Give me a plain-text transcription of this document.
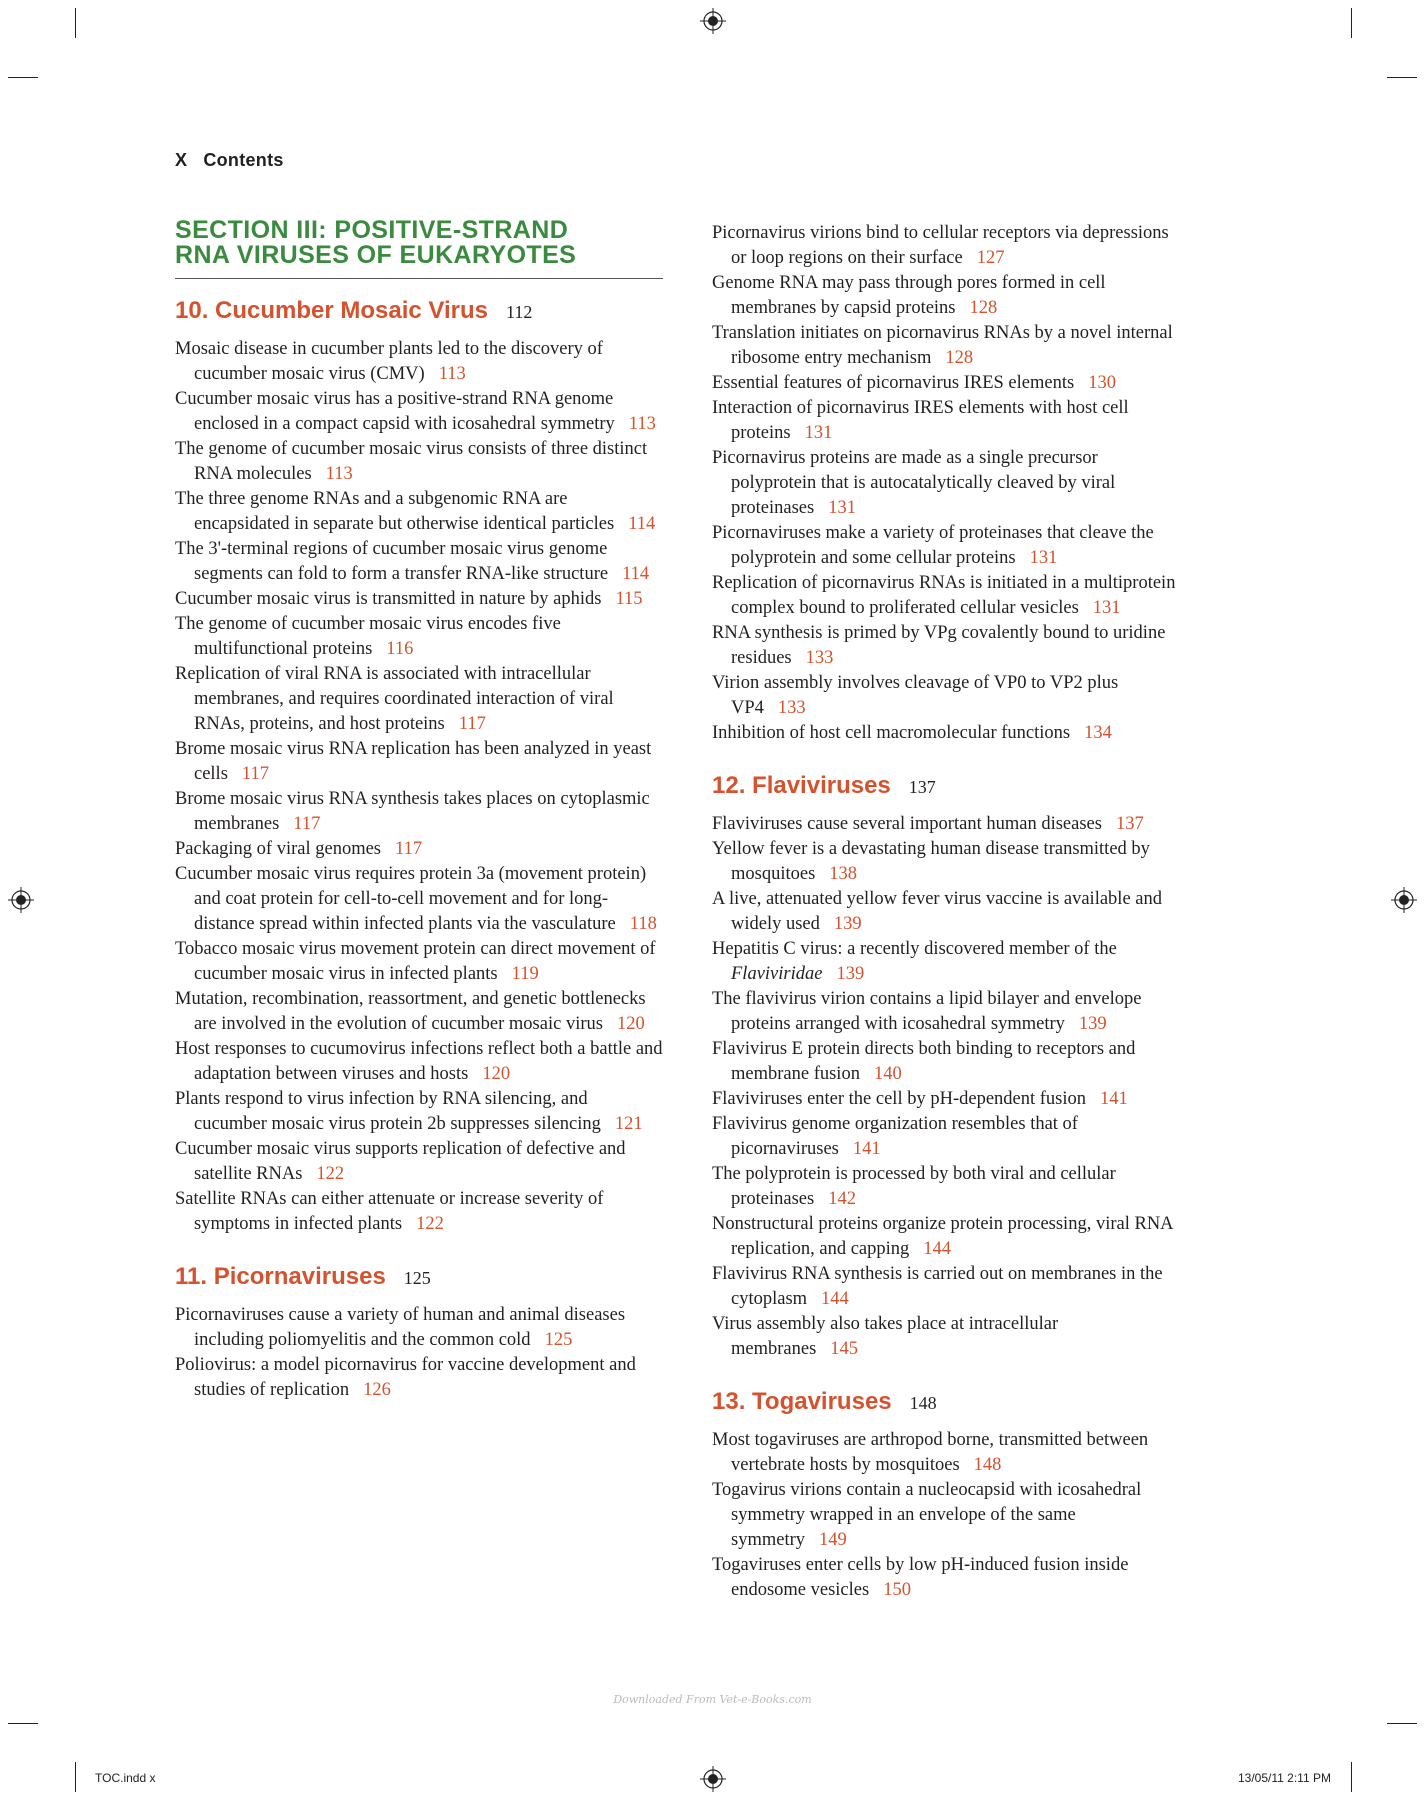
X Contents
SECTION III: POSITIVE-STRAND
RNA VIRUSES OF EUKARYOTES
10. Cucumber Mosaic Virus 112
Mosaic disease in cucumber plants led to the discovery of cucumber mosaic virus (CMV) 113
Cucumber mosaic virus has a positive-strand RNA genome enclosed in a compact capsid with icosahedral symmetry 113
The genome of cucumber mosaic virus consists of three distinct RNA molecules 113
The three genome RNAs and a subgenomic RNA are encapsidated in separate but otherwise identical particles 114
The 3'-terminal regions of cucumber mosaic virus genome segments can fold to form a transfer RNA-like structure 114
Cucumber mosaic virus is transmitted in nature by aphids 115
The genome of cucumber mosaic virus encodes five multifunctional proteins 116
Replication of viral RNA is associated with intracellular membranes, and requires coordinated interaction of viral RNAs, proteins, and host proteins 117
Brome mosaic virus RNA replication has been analyzed in yeast cells 117
Brome mosaic virus RNA synthesis takes places on cytoplasmic membranes 117
Packaging of viral genomes 117
Cucumber mosaic virus requires protein 3a (movement protein) and coat protein for cell-to-cell movement and for long-distance spread within infected plants via the vasculature 118
Tobacco mosaic virus movement protein can direct movement of cucumber mosaic virus in infected plants 119
Mutation, recombination, reassortment, and genetic bottlenecks are involved in the evolution of cucumber mosaic virus 120
Host responses to cucumovirus infections reflect both a battle and adaptation between viruses and hosts 120
Plants respond to virus infection by RNA silencing, and cucumber mosaic virus protein 2b suppresses silencing 121
Cucumber mosaic virus supports replication of defective and satellite RNAs 122
Satellite RNAs can either attenuate or increase severity of symptoms in infected plants 122
11. Picornaviruses 125
Picornaviruses cause a variety of human and animal diseases including poliomyelitis and the common cold 125
Poliovirus: a model picornavirus for vaccine development and studies of replication 126
Picornavirus virions bind to cellular receptors via depressions or loop regions on their surface 127
Genome RNA may pass through pores formed in cell membranes by capsid proteins 128
Translation initiates on picornavirus RNAs by a novel internal ribosome entry mechanism 128
Essential features of picornavirus IRES elements 130
Interaction of picornavirus IRES elements with host cell proteins 131
Picornavirus proteins are made as a single precursor polyprotein that is autocatalytically cleaved by viral proteinases 131
Picornaviruses make a variety of proteinases that cleave the polyprotein and some cellular proteins 131
Replication of picornavirus RNAs is initiated in a multiprotein complex bound to proliferated cellular vesicles 131
RNA synthesis is primed by VPg covalently bound to uridine residues 133
Virion assembly involves cleavage of VP0 to VP2 plus VP4 133
Inhibition of host cell macromolecular functions 134
12. Flaviviruses 137
Flaviviruses cause several important human diseases 137
Yellow fever is a devastating human disease transmitted by mosquitoes 138
A live, attenuated yellow fever virus vaccine is available and widely used 139
Hepatitis C virus: a recently discovered member of the Flaviviridae 139
The flavivirus virion contains a lipid bilayer and envelope proteins arranged with icosahedral symmetry 139
Flavivirus E protein directs both binding to receptors and membrane fusion 140
Flaviviruses enter the cell by pH-dependent fusion 141
Flavivirus genome organization resembles that of picornaviruses 141
The polyprotein is processed by both viral and cellular proteinases 142
Nonstructural proteins organize protein processing, viral RNA replication, and capping 144
Flavivirus RNA synthesis is carried out on membranes in the cytoplasm 144
Virus assembly also takes place at intracellular membranes 145
13. Togaviruses 148
Most togaviruses are arthropod borne, transmitted between vertebrate hosts by mosquitoes 148
Togavirus virions contain a nucleocapsid with icosahedral symmetry wrapped in an envelope of the same symmetry 149
Togaviruses enter cells by low pH-induced fusion inside endosome vesicles 150
Downloaded From Vet-e-Books.com
TOC.indd x	13/05/11 2:11 PM
